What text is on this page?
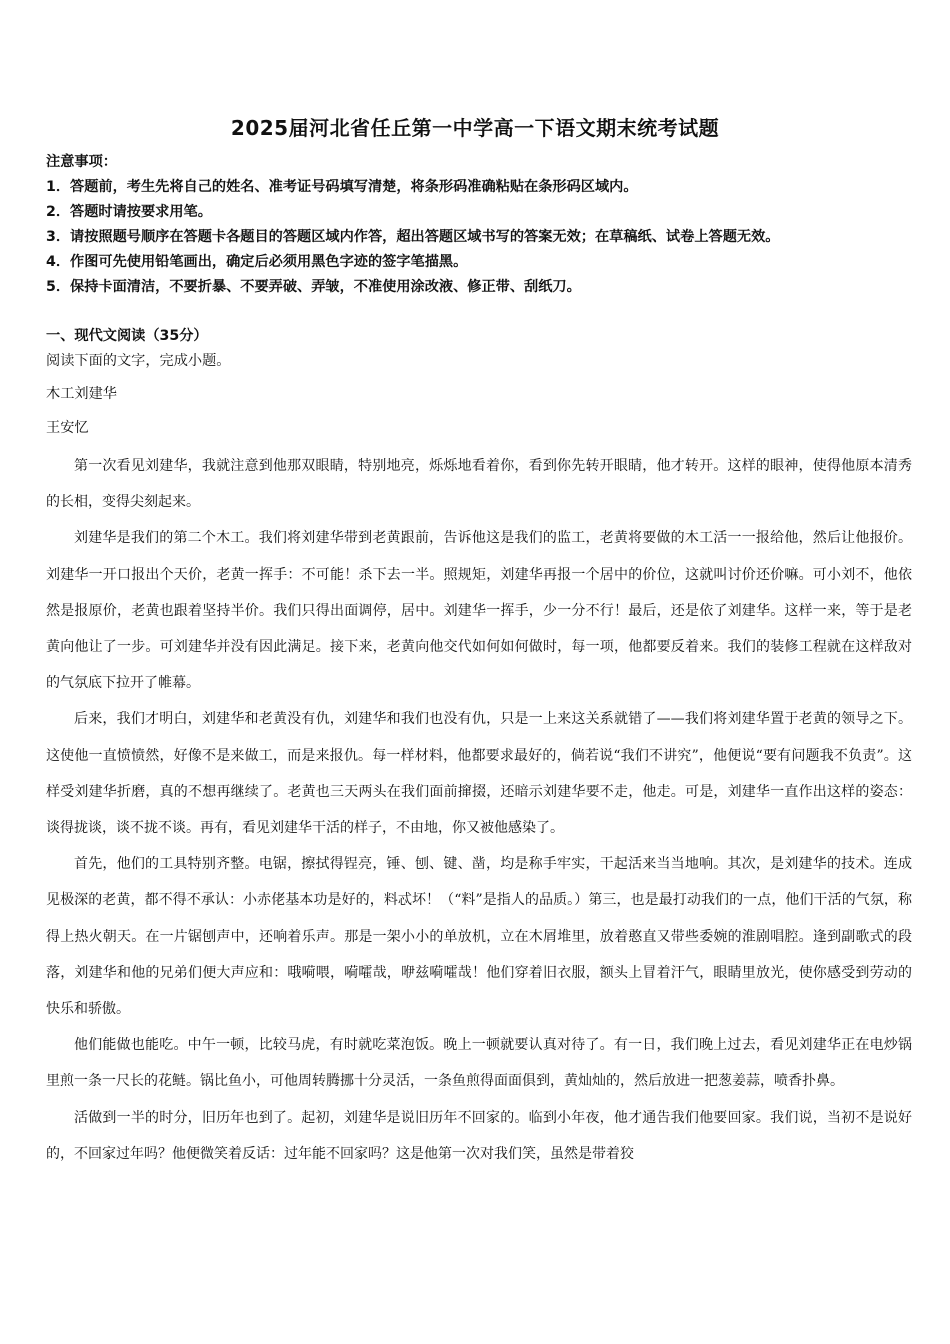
2025届河北省任丘第一中学高一下语文期末统考试题
注意事项：
1．答题前，考生先将自己的姓名、准考证号码填写清楚，将条形码准确粘贴在条形码区域内。
2．答题时请按要求用笔。
3．请按照题号顺序在答题卡各题目的答题区域内作答，超出答题区域书写的答案无效；在草稿纸、试卷上答题无效。
4．作图可先使用铅笔画出，确定后必须用黑色字迹的签字笔描黑。
5．保持卡面清洁，不要折暴、不要弄破、弄皱，不准使用涂改液、修正带、刮纸刀。
一、现代文阅读（35分）
阅读下面的文字，完成小题。
木工刘建华
王安忆

第一次看见刘建华，我就注意到他那双眼睛，特别地亮，烁烁地看着你，看到你先转开眼睛，他才转开。这样的眼神，使得他原本清秀的长相，变得尖刻起来。

刘建华是我们的第二个木工。我们将刘建华带到老黄跟前，告诉他这是我们的监工，老黄将要做的木工活一一报给他，然后让他报价。刘建华一开口报出个天价，老黄一挥手：不可能！杀下去一半。照规矩，刘建华再报一个居中的价位，这就叫讨价还价嘛。可小刘不，他依然是报原价，老黄也跟着坚持半价。我们只得出面调停，居中。刘建华一挥手，少一分不行！最后，还是依了刘建华。这样一来，等于是老黄向他让了一步。可刘建华并没有因此满足。接下来，老黄向他交代如何如何做时，每一项，他都要反着来。我们的装修工程就在这样敌对的气氛底下拉开了帷幕。

后来，我们才明白，刘建华和老黄没有仇，刘建华和我们也没有仇，只是一上来这关系就错了——我们将刘建华置于老黄的领导之下。这使他一直愤愤然，好像不是来做工，而是来报仇。每一样材料，他都要求最好的，倘若说“我们不讲究”，他便说“要有问题我不负责”。这样受刘建华折磨，真的不想再继续了。老黄也三天两头在我们面前撺掇，还暗示刘建华要不走，他走。可是，刘建华一直作出这样的姿态：谈得拢谈，谈不拢不谈。再有，看见刘建华干活的样子，不由地，你又被他感染了。

首先，他们的工具特别齐整。电锯，擦拭得锃亮，锤、刨、键、凿，均是称手牢实，干起活来当当地响。其次，是刘建华的技术。连成见极深的老黄，都不得不承认：小赤佬基本功是好的，料忒坏！（“料”是指人的品质。）第三，也是最打动我们的一点，他们干活的气氛，称得上热火朝天。在一片锯刨声中，还响着乐声。那是一架小小的单放机，立在木屑堆里，放着憨直又带些委婉的淮剧唱腔。逢到副歌式的段落，刘建华和他的兄弟们便大声应和：哦嗬喂，嗬嚯哉，咿兹嗬嚯哉！他们穿着旧衣服，额头上冒着汗气，眼睛里放光，使你感受到劳动的快乐和骄傲。

他们能做也能吃。中午一顿，比较马虎，有时就吃菜泡饭。晚上一顿就要认真对待了。有一日，我们晚上过去，看见刘建华正在电炒锅里煎一条一尺长的花鲢。锅比鱼小，可他周转腾挪十分灵活，一条鱼煎得面面俱到，黄灿灿的，然后放进一把葱姜蒜，喷香扑鼻。

活做到一半的时分，旧历年也到了。起初，刘建华是说旧历年不回家的。临到小年夜，他才通告我们他要回家。我们说，当初不是说好的，不回家过年吗？他便微笑着反话：过年能不回家吗？这是他第一次对我们笑，虽然是带着狡
